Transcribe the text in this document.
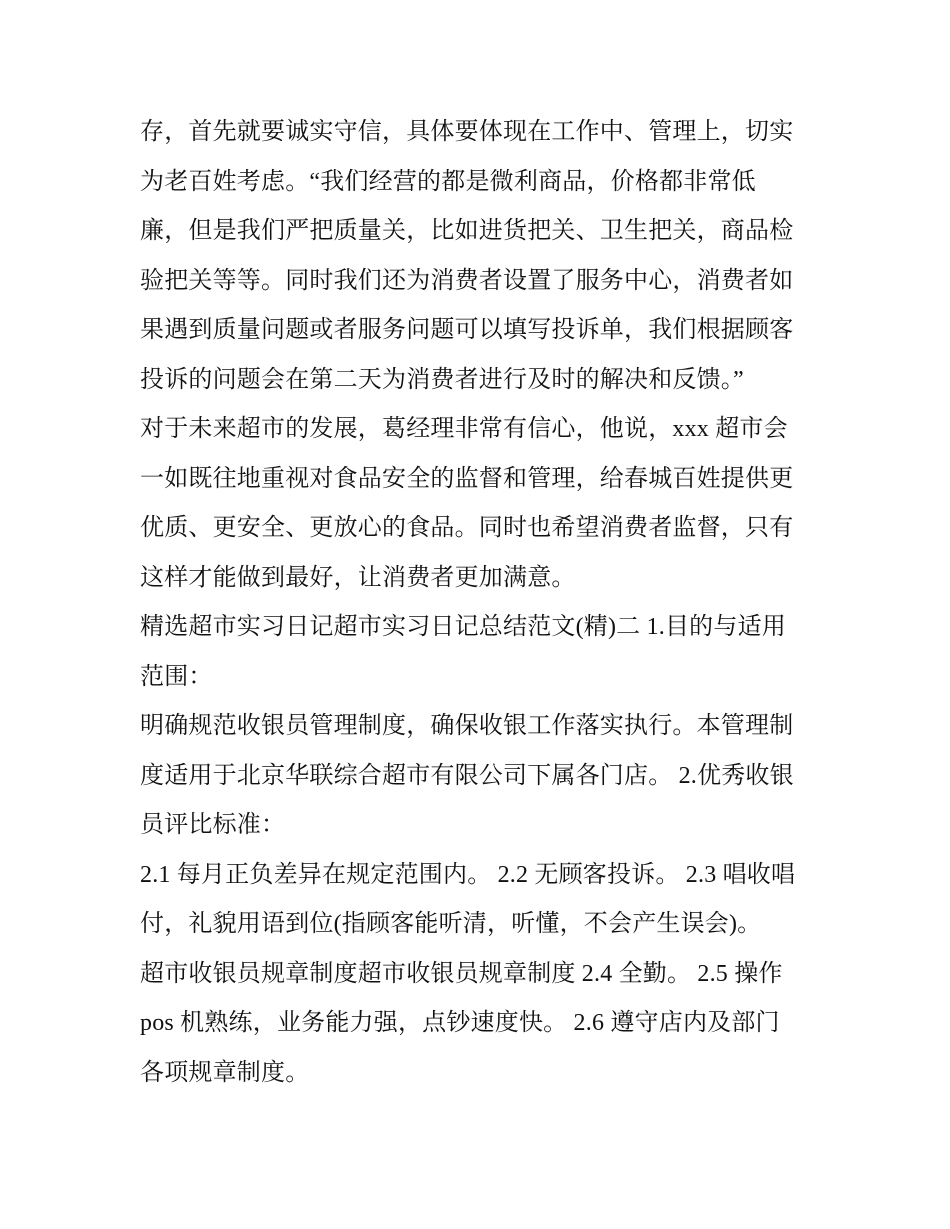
存，首先就要诚实守信，具体要体现在工作中、管理上，切实
为老百姓考虑。“我们经营的都是微利商品，价格都非常低
廉，但是我们严把质量关，比如进货把关、卫生把关，商品检
验把关等等。同时我们还为消费者设置了服务中心，消费者如
果遇到质量问题或者服务问题可以填写投诉单，我们根据顾客
投诉的问题会在第二天为消费者进行及时的解决和反馈。”
对于未来超市的发展，葛经理非常有信心，他说，xxx 超市会
一如既往地重视对食品安全的监督和管理，给春城百姓提供更
优质、更安全、更放心的食品。同时也希望消费者监督，只有
这样才能做到最好，让消费者更加满意。
精选超市实习日记超市实习日记总结范文(精)二 1.目的与适用
范围：
明确规范收银员管理制度，确保收银工作落实执行。本管理制
度适用于北京华联综合超市有限公司下属各门店。 2.优秀收银
员评比标准：
2.1 每月正负差异在规定范围内。 2.2 无顾客投诉。 2.3 唱收唱
付，礼貌用语到位(指顾客能听清，听懂，不会产生误会)。
超市收银员规章制度超市收银员规章制度 2.4 全勤。 2.5 操作
pos 机熟练，业务能力强，点钞速度快。 2.6 遵守店内及部门
各项规章制度。
